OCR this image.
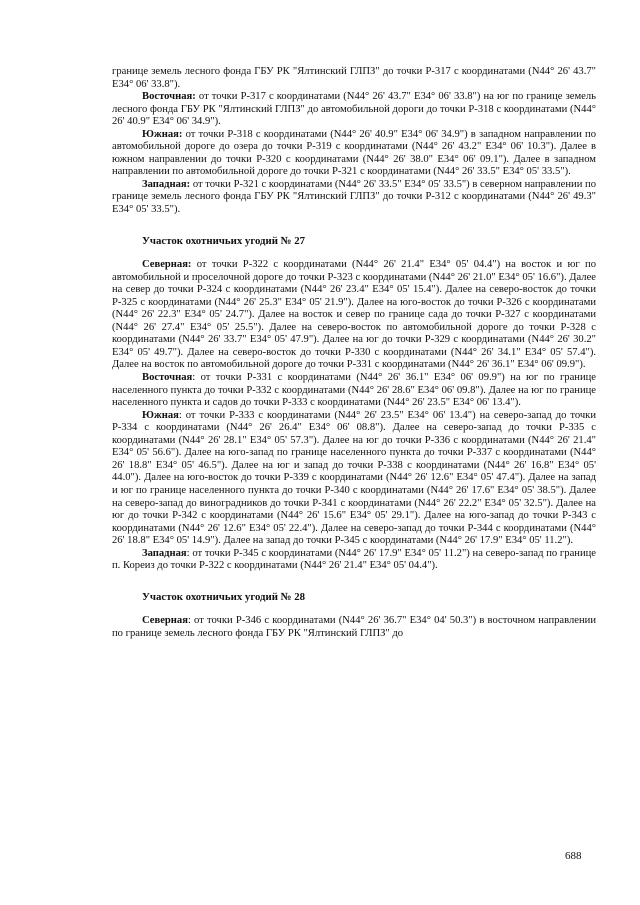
границе земель лесного фонда ГБУ РК "Ялтинский ГЛПЗ" до точки Р-317 с координатами (N44° 26' 43.7" E34° 06' 33.8").

Восточная: от точки Р-317 с координатами (N44° 26' 43.7" E34° 06' 33.8") на юг по границе земель лесного фонда ГБУ РК "Ялтинский ГЛПЗ" до автомобильной дороги до точки Р-318 с координатами (N44° 26' 40.9" E34° 06' 34.9").

Южная: от точки Р-318 с координатами (N44° 26' 40.9" E34° 06' 34.9") в западном направлении по автомобильной дороге до озера до точки Р-319 с координатами (N44° 26' 43.2" E34° 06' 10.3"). Далее в южном направлении до точки Р-320 с координатами (N44° 26' 38.0" E34° 06' 09.1"). Далее в западном направлении по автомобильной дороге до точки Р-321 с координатами (N44° 26' 33.5" E34° 05' 33.5").

Западная: от точки Р-321 с координатами (N44° 26' 33.5" E34° 05' 33.5") в северном направлении по границе земель лесного фонда ГБУ РК "Ялтинский ГЛПЗ" до точки Р-312 с координатами (N44° 26' 49.3" E34° 05' 33.5").

Участок охотничьих угодий № 27

Северная: от точки Р-322 с координатами (N44° 26' 21.4" E34° 05' 04.4") на восток и юг по автомобильной и проселочной дороге до точки Р-323 с координатами (N44° 26' 21.0" E34° 05' 16.6"). Далее на север до точки Р-324 с координатами (N44° 26' 23.4" E34° 05' 15.4"). Далее на северо-восток до точки Р-325 с координатами (N44° 26' 25.3" E34° 05' 21.9"). Далее на юго-восток до точки Р-326 с координатами (N44° 26' 22.3" E34° 05' 24.7"). Далее на восток и север по границе сада до точки Р-327 с координатами (N44° 26' 27.4" E34° 05' 25.5"). Далее на северо-восток по автомобильной дороге до точки Р-328 с координатами (N44° 26' 33.7" E34° 05' 47.9"). Далее на юг до точки Р-329 с координатами (N44° 26' 30.2" E34° 05' 49.7"). Далее на северо-восток до точки Р-330 с координатами (N44° 26' 34.1" E34° 05' 57.4"). Далее на восток по автомобильной дороге до точки Р-331 с координатами (N44° 26' 36.1" E34° 06' 09.9").

Восточная: от точки Р-331 с координатами (N44° 26' 36.1" E34° 06' 09.9") на юг по границе населенного пункта до точки Р-332 с координатами (N44° 26' 28.6" E34° 06' 09.8"). Далее на юг по границе населенного пункта и садов до точки Р-333 с координатами (N44° 26' 23.5" E34° 06' 13.4").

Южная: от точки Р-333 с координатами (N44° 26' 23.5" E34° 06' 13.4") на северо-запад до точки Р-334 с координатами (N44° 26' 26.4" E34° 06' 08.8"). Далее на северо-запад до точки Р-335 с координатами (N44° 26' 28.1" E34° 05' 57.3"). Далее на юг до точки Р-336 с координатами (N44° 26' 21.4" E34° 05' 56.6"). Далее на юго-запад по границе населенного пункта до точки Р-337 с координатами (N44° 26' 18.8" E34° 05' 46.5"). Далее на юг и запад до точки Р-338 с координатами (N44° 26' 16.8" E34° 05' 44.0"). Далее на юго-восток до точки Р-339 с координатами (N44° 26' 12.6" E34° 05' 47.4"). Далее на запад и юг по границе населенного пункта до точки Р-340 с координатами (N44° 26' 17.6" E34° 05' 38.5"). Далее на северо-запад до виноградников до точки Р-341 с координатами (N44° 26' 22.2" E34° 05' 32.5"). Далее на юг до точки Р-342 с координатами (N44° 26' 15.6" E34° 05' 29.1"). Далее на юго-запад до точки Р-343 с координатами (N44° 26' 12.6" E34° 05' 22.4"). Далее на северо-запад до точки Р-344 с координатами (N44° 26' 18.8" E34° 05' 14.9"). Далее на запад до точки Р-345 с координатами (N44° 26' 17.9" E34° 05' 11.2").

Западная: от точки Р-345 с координатами (N44° 26' 17.9" E34° 05' 11.2") на северо-запад по границе п. Кореиз до точки Р-322 с координатами (N44° 26' 21.4" E34° 05' 04.4").

Участок охотничьих угодий № 28

Северная: от точки Р-346 с координатами (N44° 26' 36.7" E34° 04' 50.3") в восточном направлении по границе земель лесного фонда ГБУ РК "Ялтинский ГЛПЗ" до

688
